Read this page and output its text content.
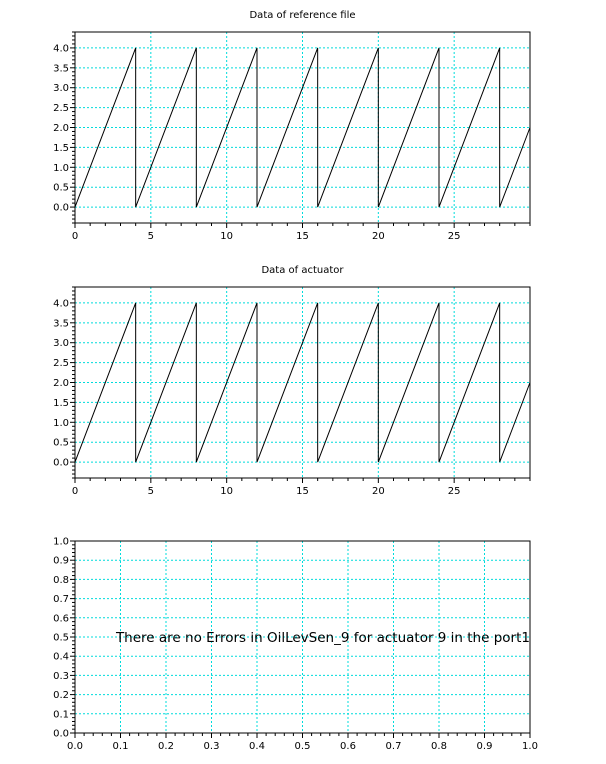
0	5	10	15	20	25
0.0
0.5
1.0
1.5
2.0
2.5
3.0
3.5
4.0
Data of reference file
0	5	10	15	20	25
0.0
0.5
1.0
1.5
2.0
2.5
3.0
3.5
4.0
Data of actuator
0.0	0.1	0.2	0.3	0.4	0.5	0.6	0.7	0.8	0.9	1.0
0.0
0.1
0.2
0.3
0.4
0.5
0.6
0.7
0.8
0.9
1.0
There are no Errors in OilLevSen_9 for actuator 9 in the port1
